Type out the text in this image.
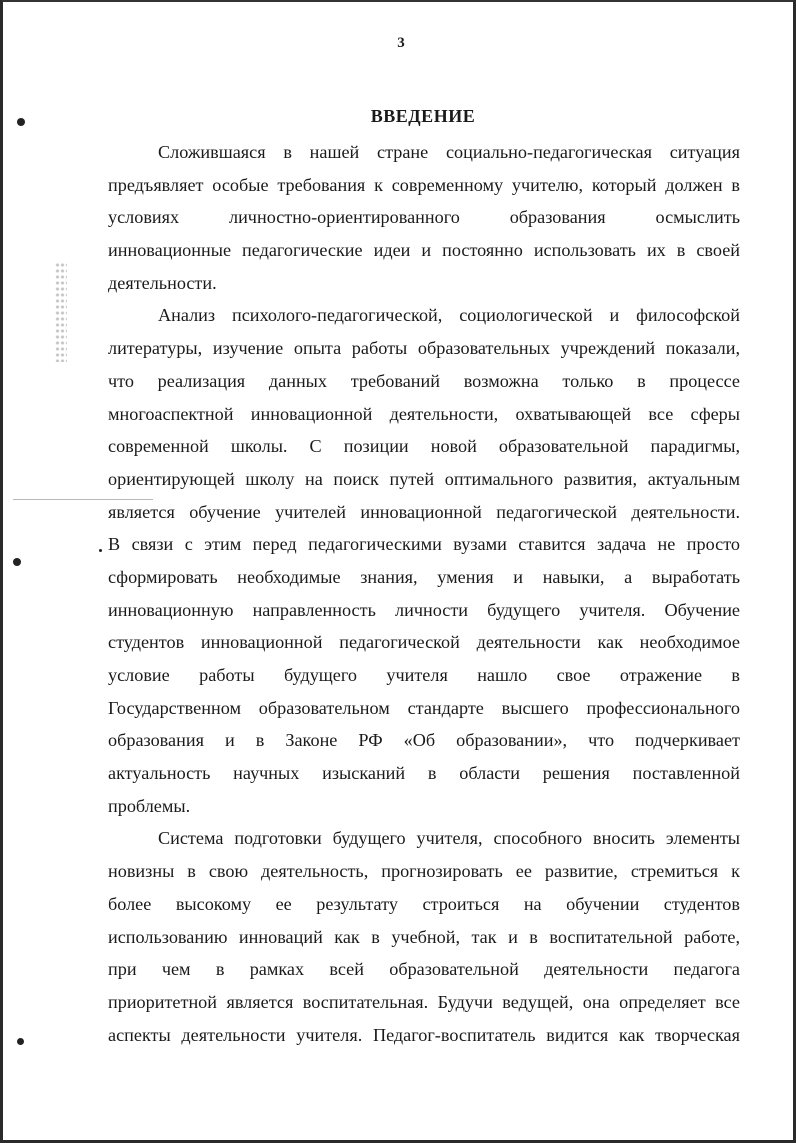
3
ВВЕДЕНИЕ
Сложившаяся в нашей стране социально-педагогическая ситуация
предъявляет особые требования к современному учителю, который должен в
условиях личностно-ориентированного образования осмыслить
инновационные педагогические идеи и постоянно использовать их в своей
деятельности.
Анализ психолого-педагогической, социологической и философской
литературы, изучение опыта работы образовательных учреждений показали,
что реализация данных требований возможна только в процессе
многоаспектной инновационной деятельности, охватывающей все сферы
современной школы. С позиции новой образовательной парадигмы,
ориентирующей школу на поиск путей оптимального развития, актуальным
является обучение учителей инновационной педагогической деятельности.
В связи с этим перед педагогическими вузами ставится задача не просто
сформировать необходимые знания, умения и навыки, а выработать
инновационную направленность личности будущего учителя. Обучение
студентов инновационной педагогической деятельности как необходимое
условие работы будущего учителя нашло свое отражение в
Государственном образовательном стандарте высшего профессионального
образования и в Законе РФ «Об образовании», что подчеркивает
актуальность научных изысканий в области решения поставленной
проблемы.
Система подготовки будущего учителя, способного вносить элементы
новизны в свою деятельность, прогнозировать ее развитие, стремиться к
более высокому ее результату строиться на обучении студентов
использованию инноваций как в учебной, так и в воспитательной работе,
при чем в рамках всей образовательной деятельности педагога
приоритетной является воспитательная. Будучи ведущей, она определяет все
аспекты деятельности учителя. Педагог-воспитатель видится как творческая
